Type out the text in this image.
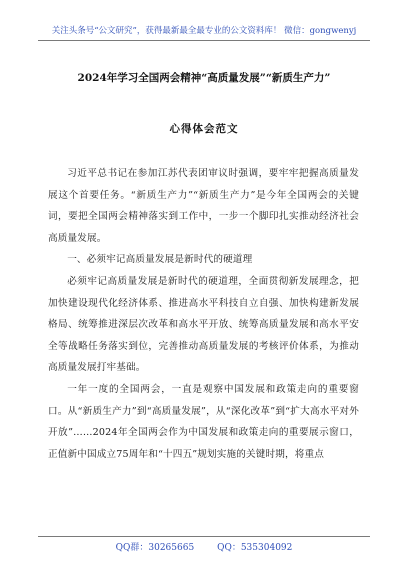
关注头条号“公文研究”，获得最新最全最专业的公文资料库！ 微信：gongwenyj
2024年学习全国两会精神“高质量发展”“新质生产力”
心得体会范文

习近平总书记在参加江苏代表团审议时强调，要牢牢把握高质量发展这个首要任务。“新质生产力”“新质生产力”是今年全国两会的关键词，要把全国两会精神落实到工作中，一步一个脚印扎实推动经济社会高质量发展。

一、必须牢记高质量发展是新时代的硬道理

必须牢记高质量发展是新时代的硬道理，全面贯彻新发展理念，把加快建设现代化经济体系、推进高水平科技自立自强、加快构建新发展格局、统筹推进深层次改革和高水平开放、统筹高质量发展和高水平安全等战略任务落实到位，完善推动高质量发展的考核评价体系，为推动高质量发展打牢基础。

一年一度的全国两会，一直是观察中国发展和政策走向的重要窗口。从“新质生产力”到“高质量发展”，从“深化改革”到“扩大高水平对外开放”……2024年全国两会作为中国发展和政策走向的重要展示窗口，正值新中国成立75周年和“十四五”规划实施的关键时期，将重点

QQ群：30265665        QQ：535304092
